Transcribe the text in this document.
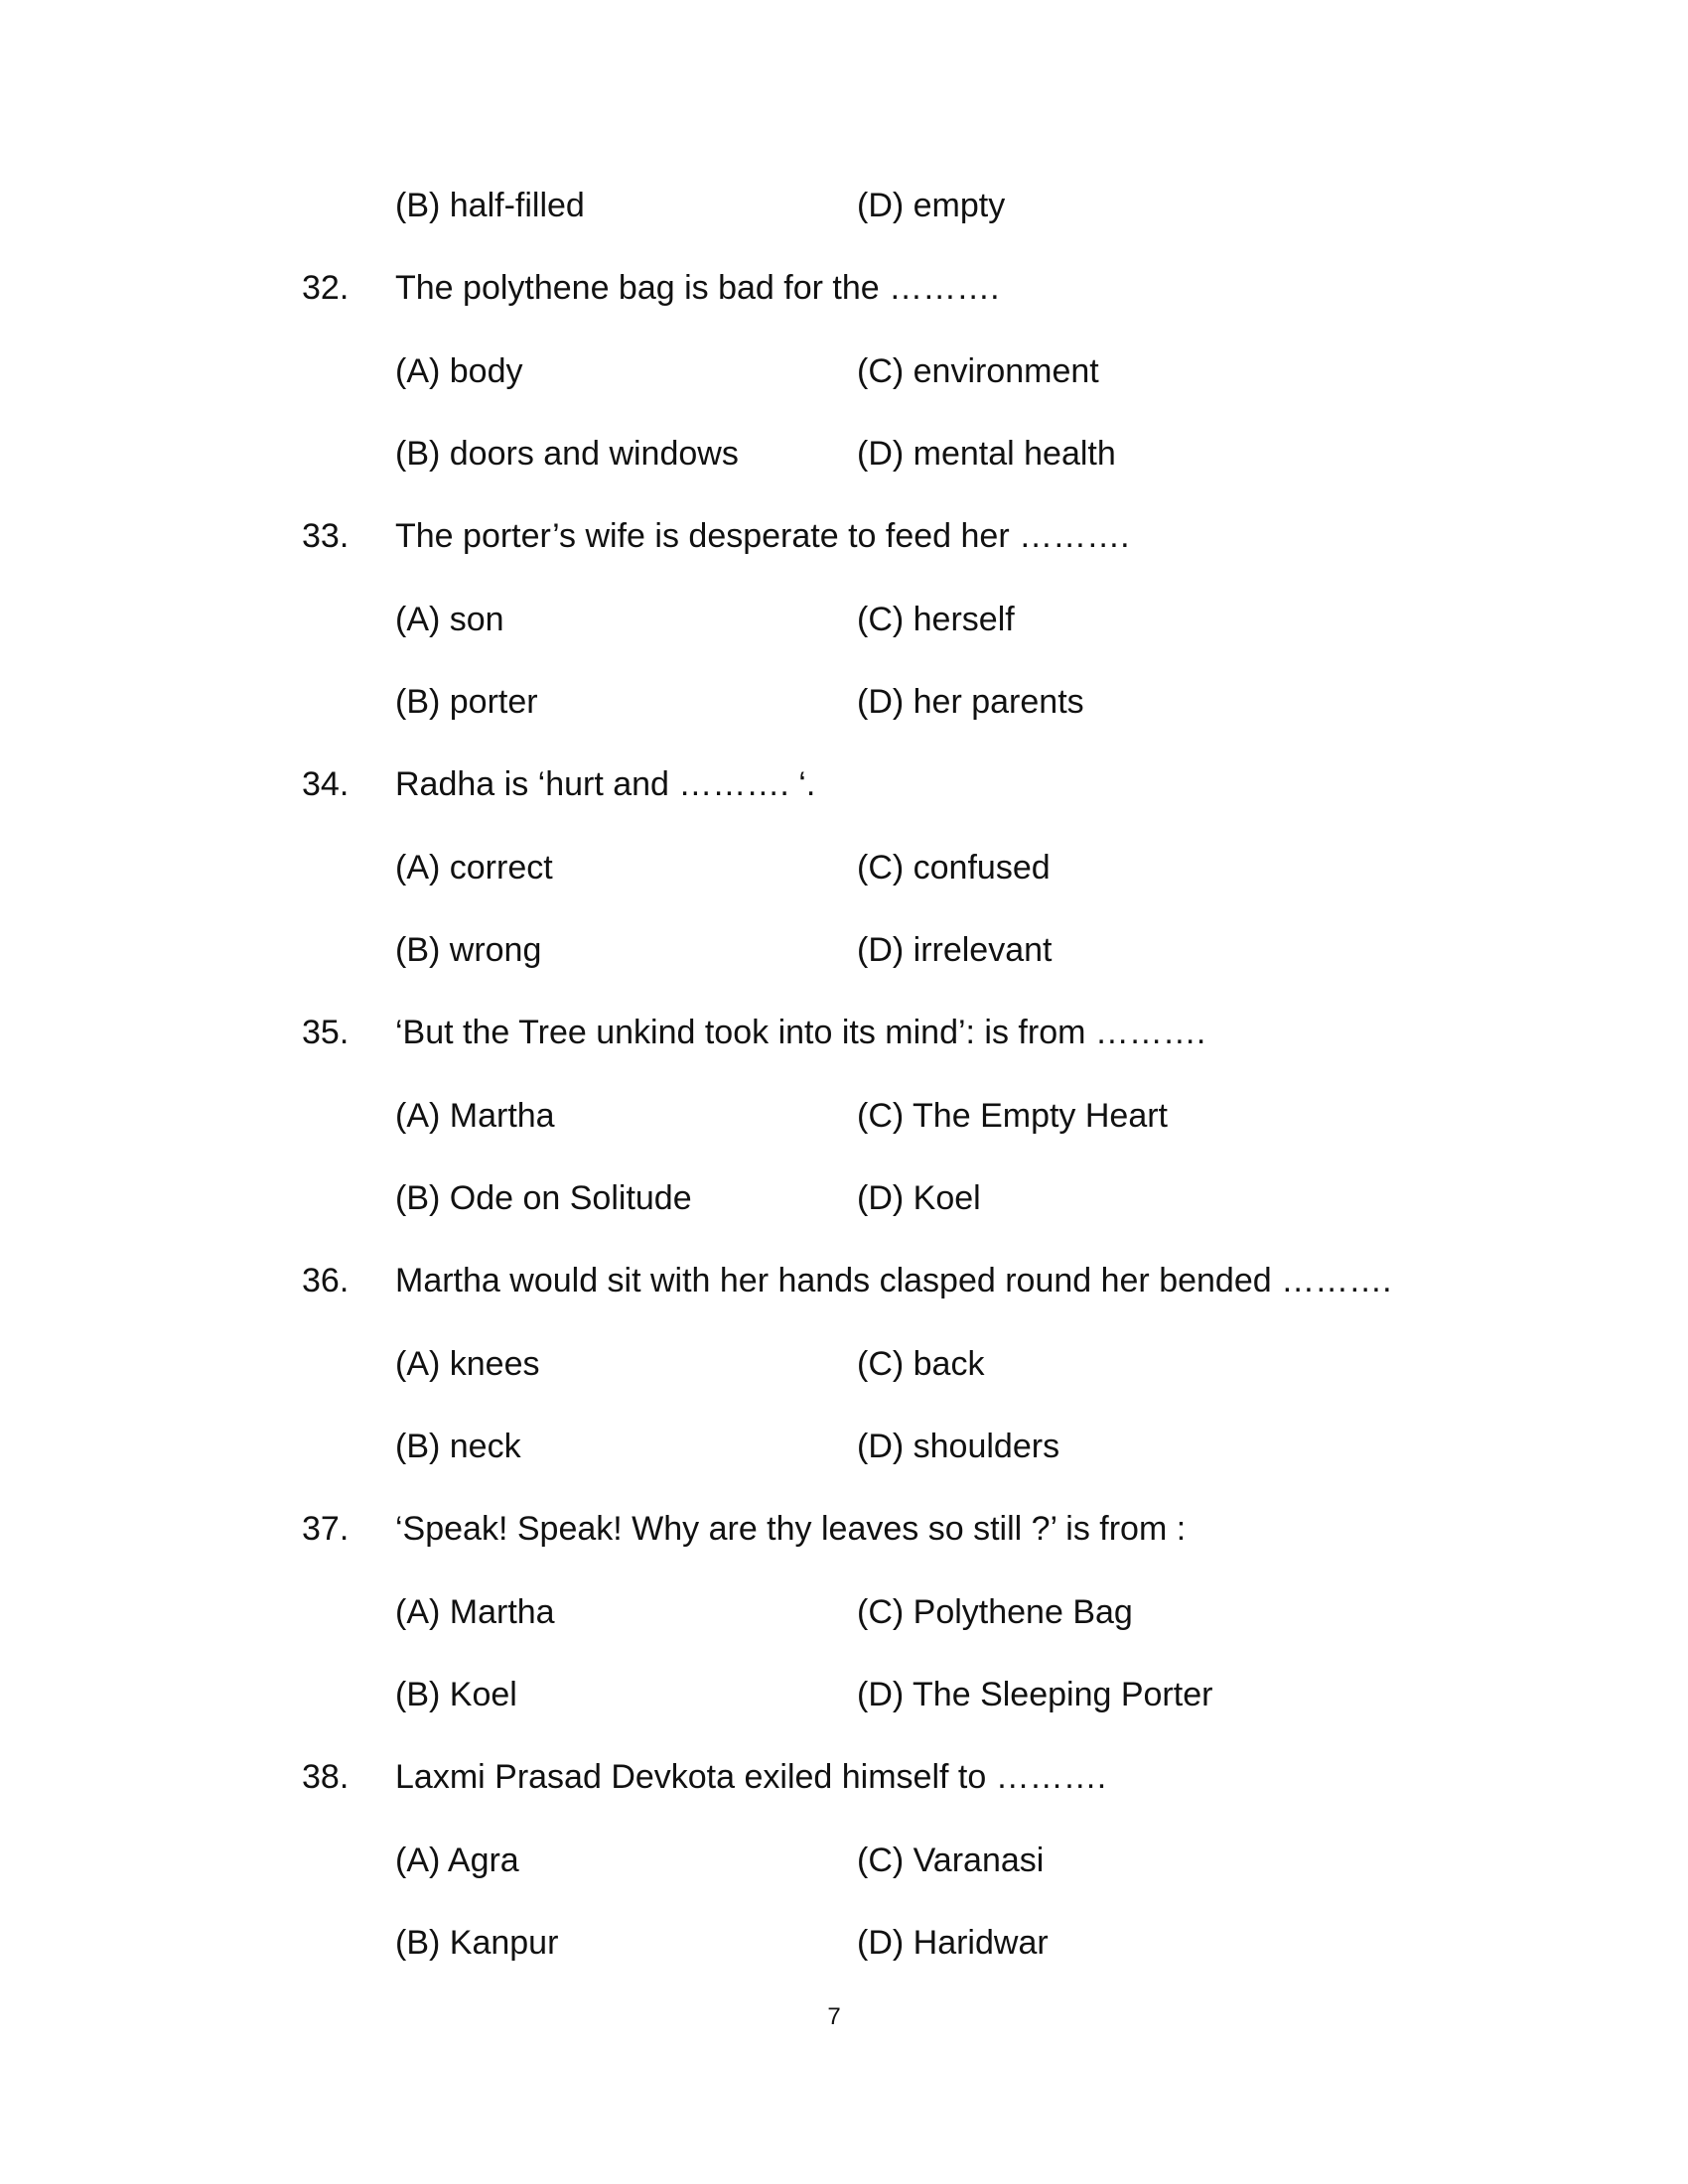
(B) half-filled	(D) empty
32. The polythene bag is bad for the ……….
(A) body	(C) environment
(B) doors and windows	(D) mental health
33. The porter’s wife is desperate to feed her ……….
(A) son	(C) herself
(B) porter	(D) her parents
34. Radha is ‘hurt and ………. ‘.
(A) correct	(C) confused
(B) wrong	(D) irrelevant
35. ‘But the Tree unkind took into its mind’: is from ……….
(A) Martha	(C) The Empty Heart
(B) Ode on Solitude	(D) Koel
36. Martha would sit with her hands clasped round her bended ……….
(A) knees	(C) back
(B) neck	(D) shoulders
37. ‘Speak! Speak! Why are thy leaves so still ?’ is from :
(A) Martha	(C) Polythene Bag
(B) Koel	(D) The Sleeping Porter
38. Laxmi Prasad Devkota exiled himself to ……….
(A) Agra	(C) Varanasi
(B) Kanpur	(D) Haridwar
7
